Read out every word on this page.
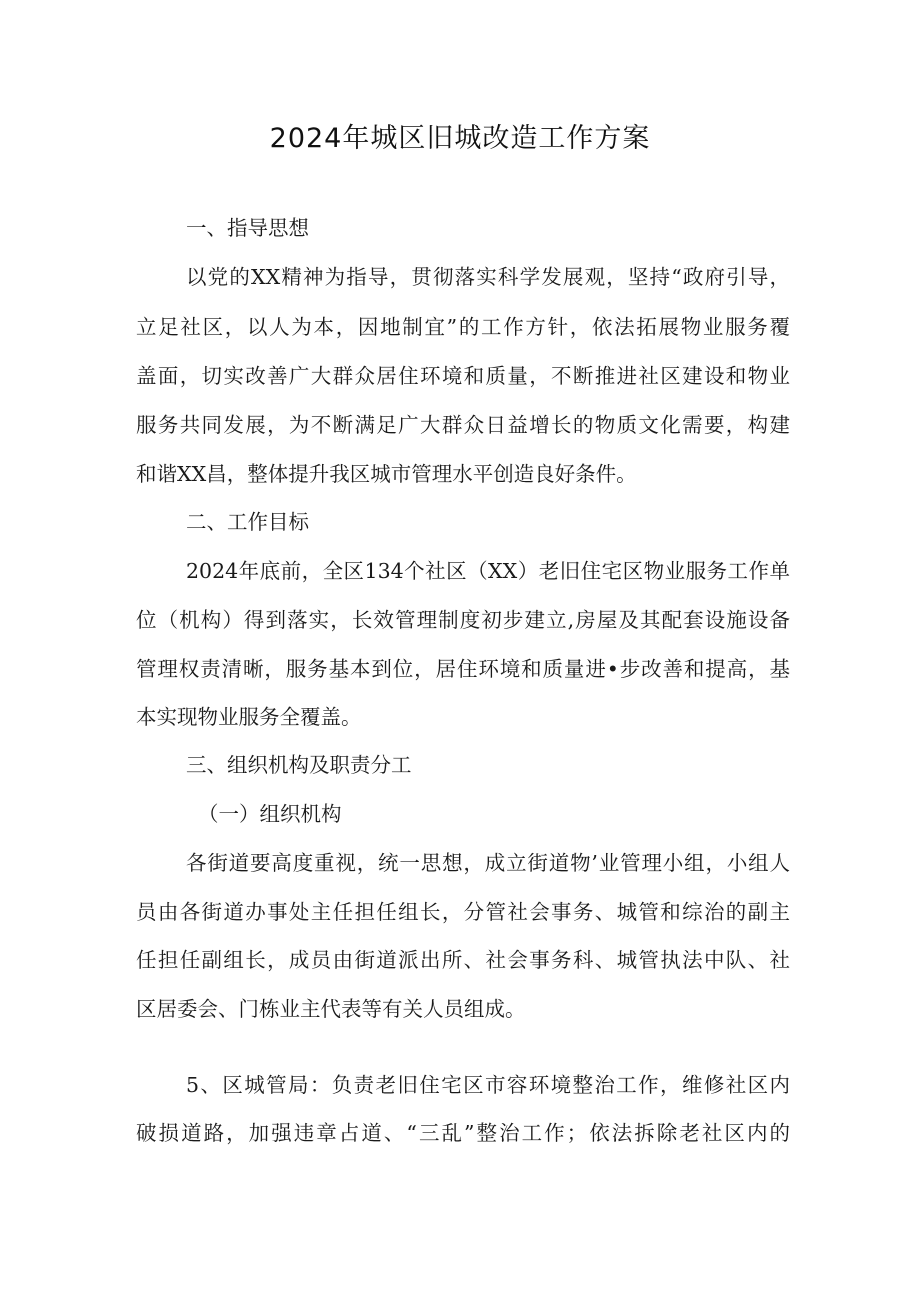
2024年城区旧城改造工作方案
一、指导思想
以党的XX精神为指导，贯彻落实科学发展观，坚持“政府引导，
立足社区，以人为本，因地制宜”的工作方针，依法拓展物业服务覆
盖面，切实改善广大群众居住环境和质量，不断推进社区建设和物业
服务共同发展，为不断满足广大群众日益增长的物质文化需要，构建
和谐XX昌，整体提升我区城市管理水平创造良好条件。
二、工作目标
2024年底前，全区134个社区（XX）老旧住宅区物业服务工作单
位（机构）得到落实，长效管理制度初步建立,房屋及其配套设施设备
管理权责清晰，服务基本到位，居住环境和质量进•步改善和提高，基
本实现物业服务全覆盖。
三、组织机构及职责分工
（一）组织机构
各街道要高度重视，统一思想，成立街道物’业管理小组，小组人
员由各街道办事处主任担任组长，分管社会事务、城管和综治的副主
任担任副组长，成员由街道派出所、社会事务科、城管执法中队、社
区居委会、门栋业主代表等有关人员组成。
5、区城管局：负责老旧住宅区市容环境整治工作，维修社区内
破损道路，加强违章占道、“三乱”整治工作；依法拆除老社区内的
